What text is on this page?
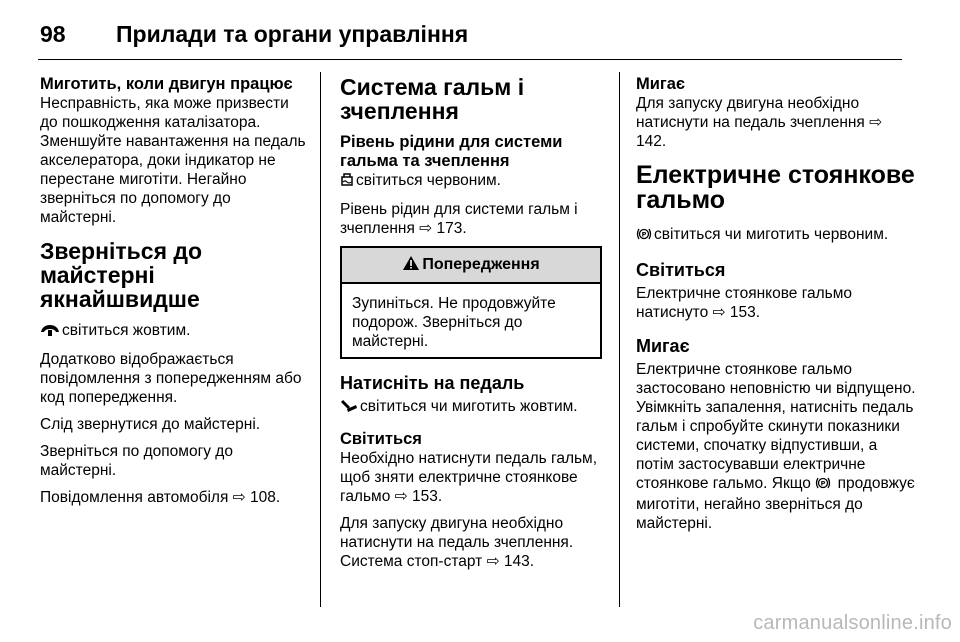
98	Прилади та органи управління
Миготить, коли двигун працює

Несправність, яка може призвести до пошкодження каталізатора. Зменшуйте навантаження на педаль акселератора, доки індикатор не перестане миготіти. Негайно зверніться по допомогу до майстерні.

Зверніться до майстерні якнайшвидше

світиться жовтим.

Додатково відображається повідомлення з попередженням або код попередження.

Слід звернутися до майстерні.

Зверніться по допомогу до майстерні.

Повідомлення автомобіля ⇨ 108.

Система гальм і зчеплення
Рівень рідини для системи гальма та зчеплення

світиться червоним.

Рівень рідин для системи гальм і зчеплення ⇨ 173.

Попередження

Зупиніться. Не продовжуйте подорож. Зверніться до майстерні.

Натисніть на педаль

світиться чи миготить жовтим.

Світиться

Необхідно натиснути педаль гальм, щоб зняти електричне стоянкове гальмо ⇨ 153.

Для запуску двигуна необхідно натиснути на педаль зчеплення. Система стоп-старт ⇨ 143.

Мигає

Для запуску двигуна необхідно натиснути на педаль зчеплення ⇨ 142.

Електричне стоянкове гальмо

P світиться чи миготить червоним.

Світиться

Електричне стоянкове гальмо натиснуто ⇨ 153.

Мигає

Електричне стоянкове гальмо застосовано неповністю чи відпущено. Увімкніть запалення, натисніть педаль гальм і спробуйте скинути показники системи, спочатку відпустивши, а потім застосувавши електричне стоянкове гальмо. Якщо P продовжує миготіти, негайно зверніться до майстерні.

carmanualsonline.info
